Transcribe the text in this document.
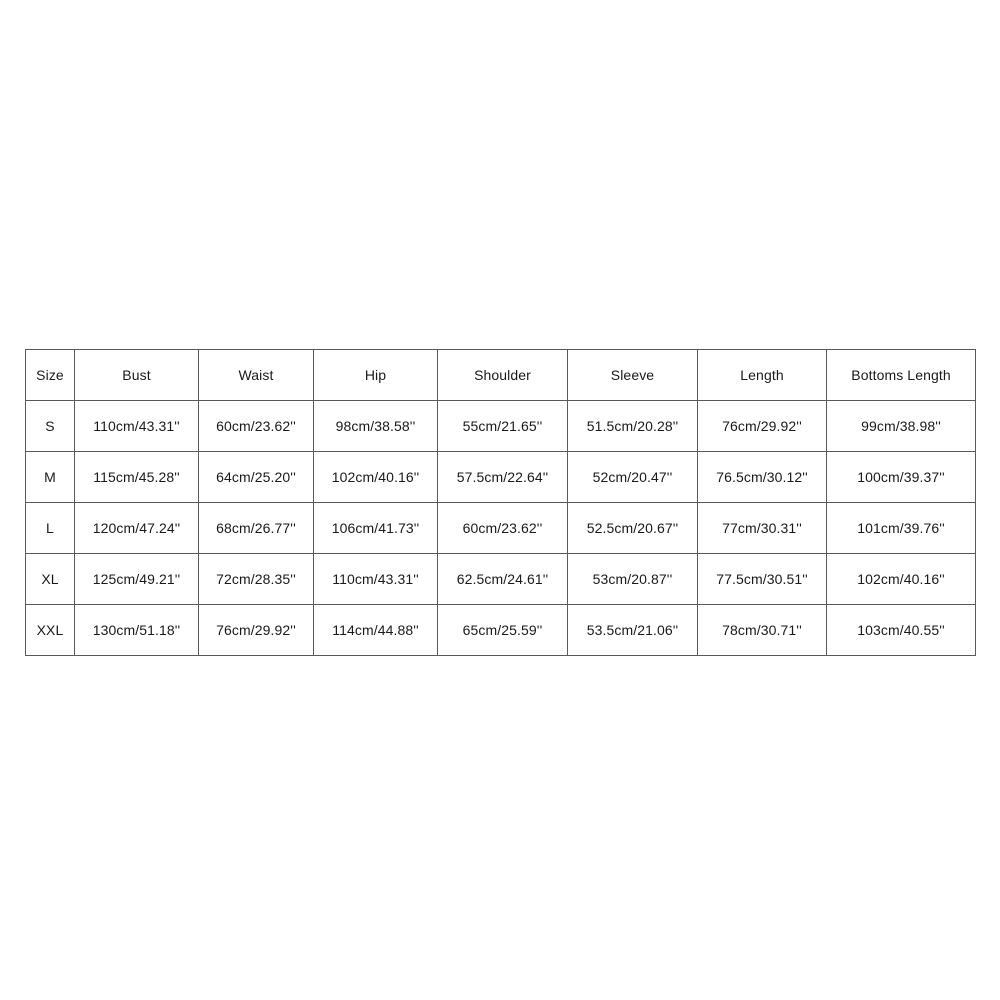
Size	Bust	Waist	Hip	Shoulder	Sleeve	Length	Bottoms Length
S	110cm/43.31''	60cm/23.62''	98cm/38.58''	55cm/21.65''	51.5cm/20.28''	76cm/29.92''	99cm/38.98''
M	115cm/45.28''	64cm/25.20''	102cm/40.16''	57.5cm/22.64''	52cm/20.47''	76.5cm/30.12''	100cm/39.37''
L	120cm/47.24''	68cm/26.77''	106cm/41.73''	60cm/23.62''	52.5cm/20.67''	77cm/30.31''	101cm/39.76''
XL	125cm/49.21''	72cm/28.35''	110cm/43.31''	62.5cm/24.61''	53cm/20.87''	77.5cm/30.51''	102cm/40.16''
XXL	130cm/51.18''	76cm/29.92''	114cm/44.88''	65cm/25.59''	53.5cm/21.06''	78cm/30.71''	103cm/40.55''
